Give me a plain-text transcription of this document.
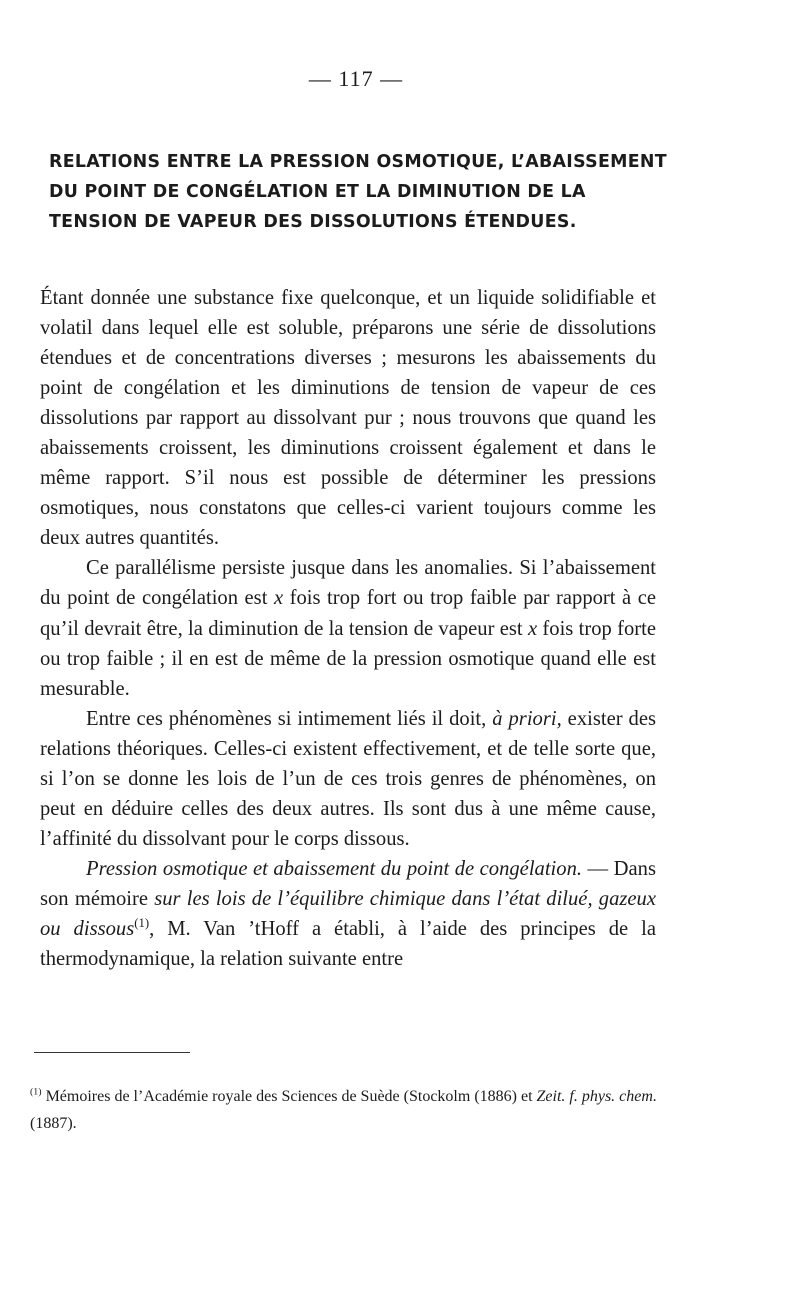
— 117 —
RELATIONS ENTRE LA PRESSION OSMOTIQUE, L’ABAISSEMENT DU POINT DE CONGÉLATION ET LA DIMINUTION DE LA TENSION DE VAPEUR DES DISSOLUTIONS ÉTENDUES.

Étant donnée une substance fixe quelconque, et un liquide solidifiable et volatil dans lequel elle est soluble, préparons une série de dissolutions étendues et de concentrations diverses ; mesurons les abaissements du point de congélation et les diminutions de tension de vapeur de ces dissolutions par rapport au dissolvant pur ; nous trouvons que quand les abaissements croissent, les diminutions croissent également et dans le même rapport. S’il nous est possible de déterminer les pressions osmotiques, nous constatons que celles-ci varient toujours comme les deux autres quantités.

Ce parallélisme persiste jusque dans les anomalies. Si l’abaissement du point de congélation est x fois trop fort ou trop faible par rapport à ce qu’il devrait être, la diminution de la tension de vapeur est x fois trop forte ou trop faible ; il en est de même de la pression osmotique quand elle est mesurable.

Entre ces phénomènes si intimement liés il doit, à priori, exister des relations théoriques. Celles-ci existent effectivement, et de telle sorte que, si l’on se donne les lois de l’un de ces trois genres de phénomènes, on peut en déduire celles des deux autres. Ils sont dus à une même cause, l’affinité du dissolvant pour le corps dissous.

Pression osmotique et abaissement du point de congélation. — Dans son mémoire sur les lois de l’équilibre chimique dans l’état dilué, gazeux ou dissous$^{(1)}$, M. Van ’tHoff a établi, à l’aide des principes de la thermodynamique, la relation suivante entre

$^{(1)}$ Mémoires de l’Académie royale des Sciences de Suède (Stockolm (1886) et Zeit. f. phys. chem. (1887).
